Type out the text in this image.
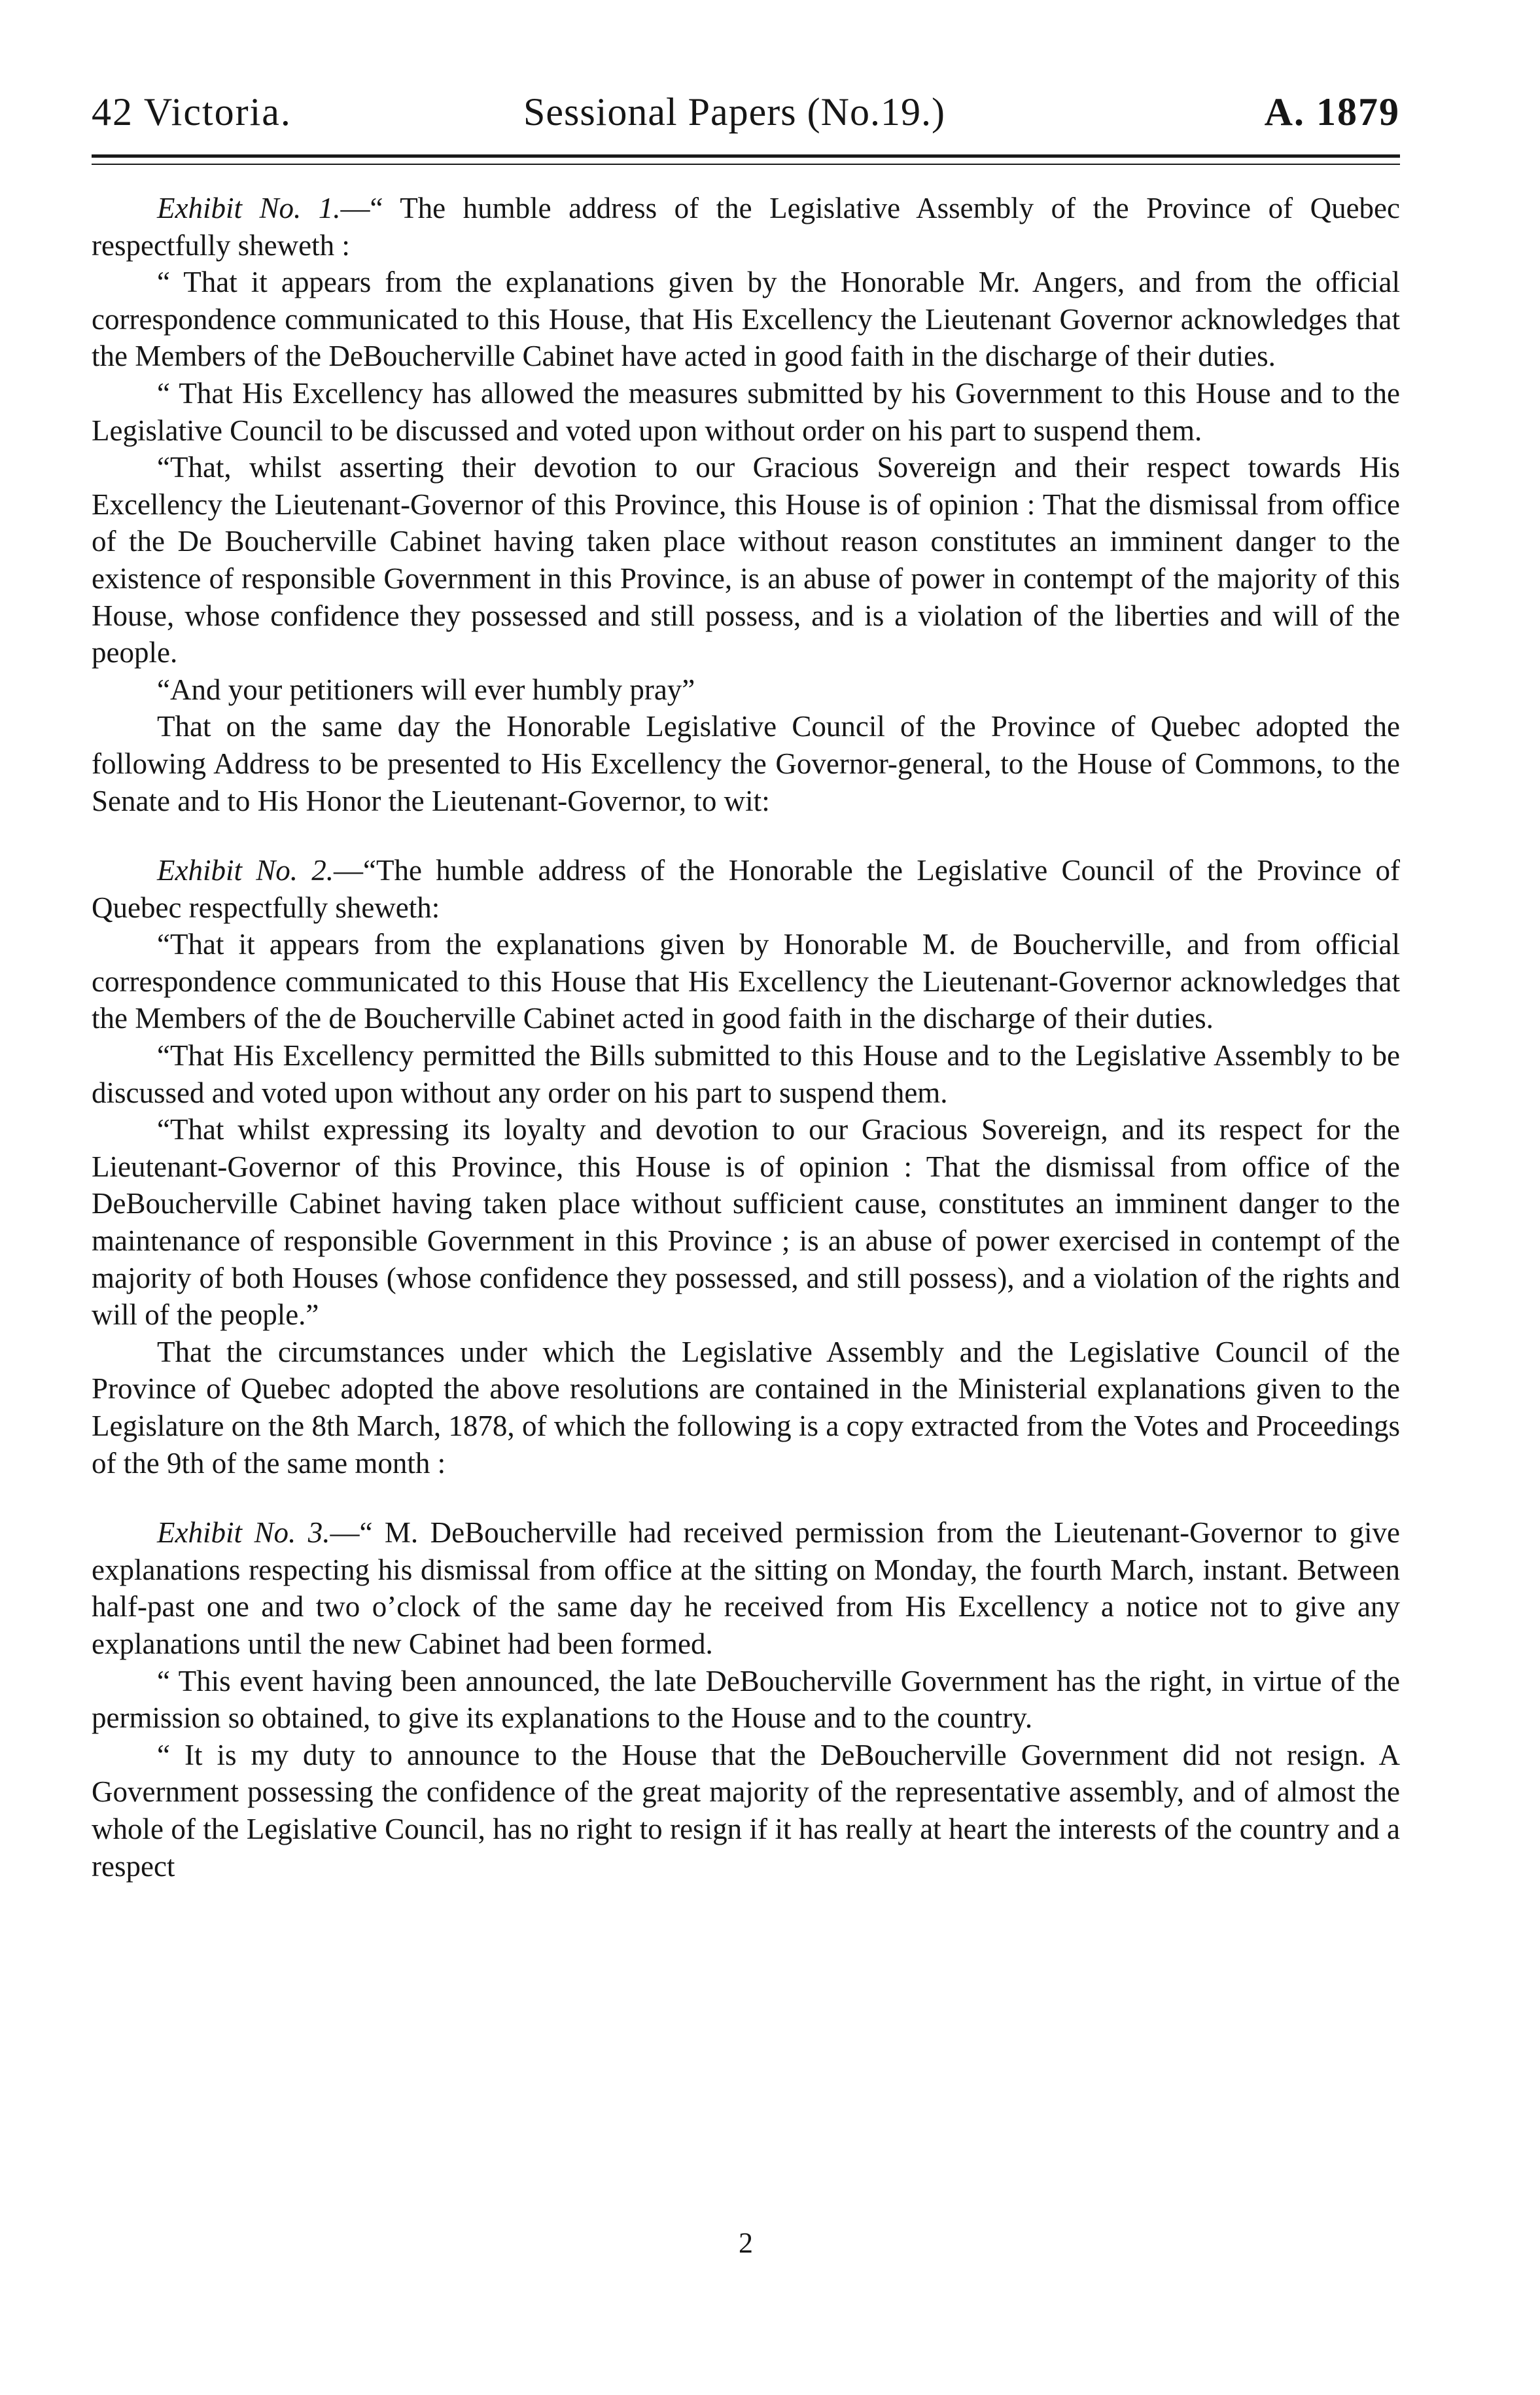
42 Victoria.	Sessional Papers (No.19.)	A. 1879

Exhibit No. 1.—“ The humble address of the Legislative Assembly of the Province of Quebec respectfully sheweth :

“ That it appears from the explanations given by the Honorable Mr. Angers, and from the official correspondence communicated to this House, that His Excellency the Lieutenant Governor acknowledges that the Members of the DeBoucherville Cabinet have acted in good faith in the discharge of their duties.

“ That His Excellency has allowed the measures submitted by his Government to this House and to the Legislative Council to be discussed and voted upon without order on his part to suspend them.

“That, whilst asserting their devotion to our Gracious Sovereign and their respect towards His Excellency the Lieutenant-Governor of this Province, this House is of opinion : That the dismissal from office of the De Boucherville Cabinet having taken place without reason constitutes an imminent danger to the existence of responsible Government in this Province, is an abuse of power in contempt of the majority of this House, whose confidence they possessed and still possess, and is a violation of the liberties and will of the people.

“And your petitioners will ever humbly pray”

That on the same day the Honorable Legislative Council of the Province of Quebec adopted the following Address to be presented to His Excellency the Governor-general, to the House of Commons, to the Senate and to His Honor the Lieutenant-Governor, to wit:

Exhibit No. 2.—“The humble address of the Honorable the Legislative Council of the Province of Quebec respectfully sheweth:

“That it appears from the explanations given by Honorable M. de Boucherville, and from official correspondence communicated to this House that His Excellency the Lieutenant-Governor acknowledges that the Members of the de Boucherville Cabinet acted in good faith in the discharge of their duties.

“That His Excellency permitted the Bills submitted to this House and to the Legislative Assembly to be discussed and voted upon without any order on his part to suspend them.

“That whilst expressing its loyalty and devotion to our Gracious Sovereign, and its respect for the Lieutenant-Governor of this Province, this House is of opinion : That the dismissal from office of the DeBoucherville Cabinet having taken place without sufficient cause, constitutes an imminent danger to the maintenance of responsible Government in this Province ; is an abuse of power exercised in contempt of the majority of both Houses (whose confidence they possessed, and still possess), and a violation of the rights and will of the people.”

That the circumstances under which the Legislative Assembly and the Legislative Council of the Province of Quebec adopted the above resolutions are contained in the Ministerial explanations given to the Legislature on the 8th March, 1878, of which the following is a copy extracted from the Votes and Proceedings of the 9th of the same month :

Exhibit No. 3.—“ M. DeBoucherville had received permission from the Lieutenant-Governor to give explanations respecting his dismissal from office at the sitting on Monday, the fourth March, instant. Between half-past one and two o’clock of the same day he received from His Excellency a notice not to give any explanations until the new Cabinet had been formed.

“ This event having been announced, the late DeBoucherville Government has the right, in virtue of the permission so obtained, to give its explanations to the House and to the country.

“ It is my duty to announce to the House that the DeBoucherville Government did not resign. A Government possessing the confidence of the great majority of the representative assembly, and of almost the whole of the Legislative Council, has no right to resign if it has really at heart the interests of the country and a respect

2
